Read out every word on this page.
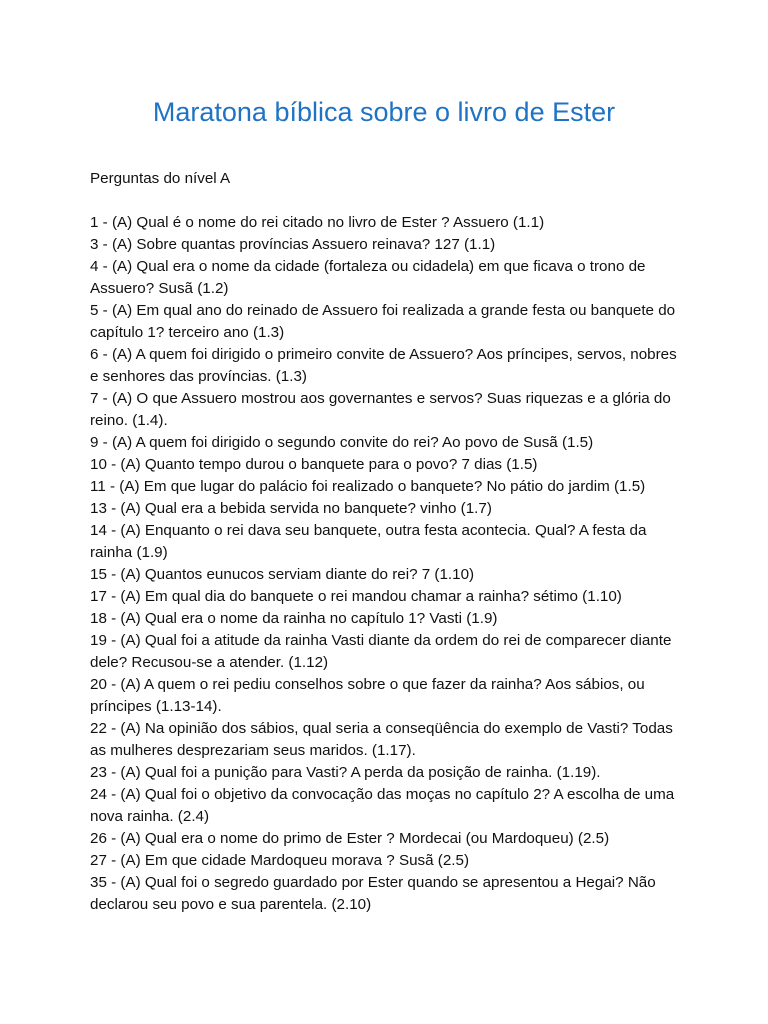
Maratona bíblica sobre o livro de Ester

Perguntas do nível A

1 - (A) Qual é o nome do rei citado no livro de Ester ? Assuero (1.1)
3 - (A) Sobre quantas províncias Assuero reinava? 127 (1.1)
4 - (A) Qual era o nome da cidade (fortaleza ou cidadela) em que ficava o trono de Assuero? Susã (1.2)
5 - (A) Em qual ano do reinado de Assuero foi realizada a grande festa ou banquete do capítulo 1? terceiro ano (1.3)
6 - (A) A quem foi dirigido o primeiro convite de Assuero? Aos príncipes, servos, nobres e senhores das províncias. (1.3)
7 - (A) O que Assuero mostrou aos governantes e servos? Suas riquezas e a glória do reino. (1.4).
9 - (A) A quem foi dirigido o segundo convite do rei? Ao povo de Susã (1.5)
10 - (A) Quanto tempo durou o banquete para o povo? 7 dias (1.5)
11 - (A) Em que lugar do palácio foi realizado o banquete? No pátio do jardim (1.5)
13 - (A) Qual era a bebida servida no banquete? vinho (1.7)
14 - (A) Enquanto o rei dava seu banquete, outra festa acontecia. Qual? A festa da rainha (1.9)
15 - (A) Quantos eunucos serviam diante do rei? 7 (1.10)
17 - (A) Em qual dia do banquete o rei mandou chamar a rainha? sétimo (1.10)
18 - (A) Qual era o nome da rainha no capítulo 1? Vasti (1.9)
19 - (A) Qual foi a atitude da rainha Vasti diante da ordem do rei de comparecer diante dele? Recusou-se a atender. (1.12)
20 - (A) A quem o rei pediu conselhos sobre o que fazer da rainha? Aos sábios, ou príncipes (1.13-14).
22 - (A) Na opinião dos sábios, qual seria a conseqüência do exemplo de Vasti? Todas as mulheres desprezariam seus maridos. (1.17).
23 - (A) Qual foi a punição para Vasti? A perda da posição de rainha. (1.19).
24 - (A) Qual foi o objetivo da convocação das moças no capítulo 2? A escolha de uma nova rainha. (2.4)
26 - (A) Qual era o nome do primo de Ester ? Mordecai (ou Mardoqueu) (2.5)
27 - (A) Em que cidade Mardoqueu morava ? Susã (2.5)
35 - (A) Qual foi o segredo guardado por Ester quando se apresentou a Hegai? Não declarou seu povo e sua parentela. (2.10)
